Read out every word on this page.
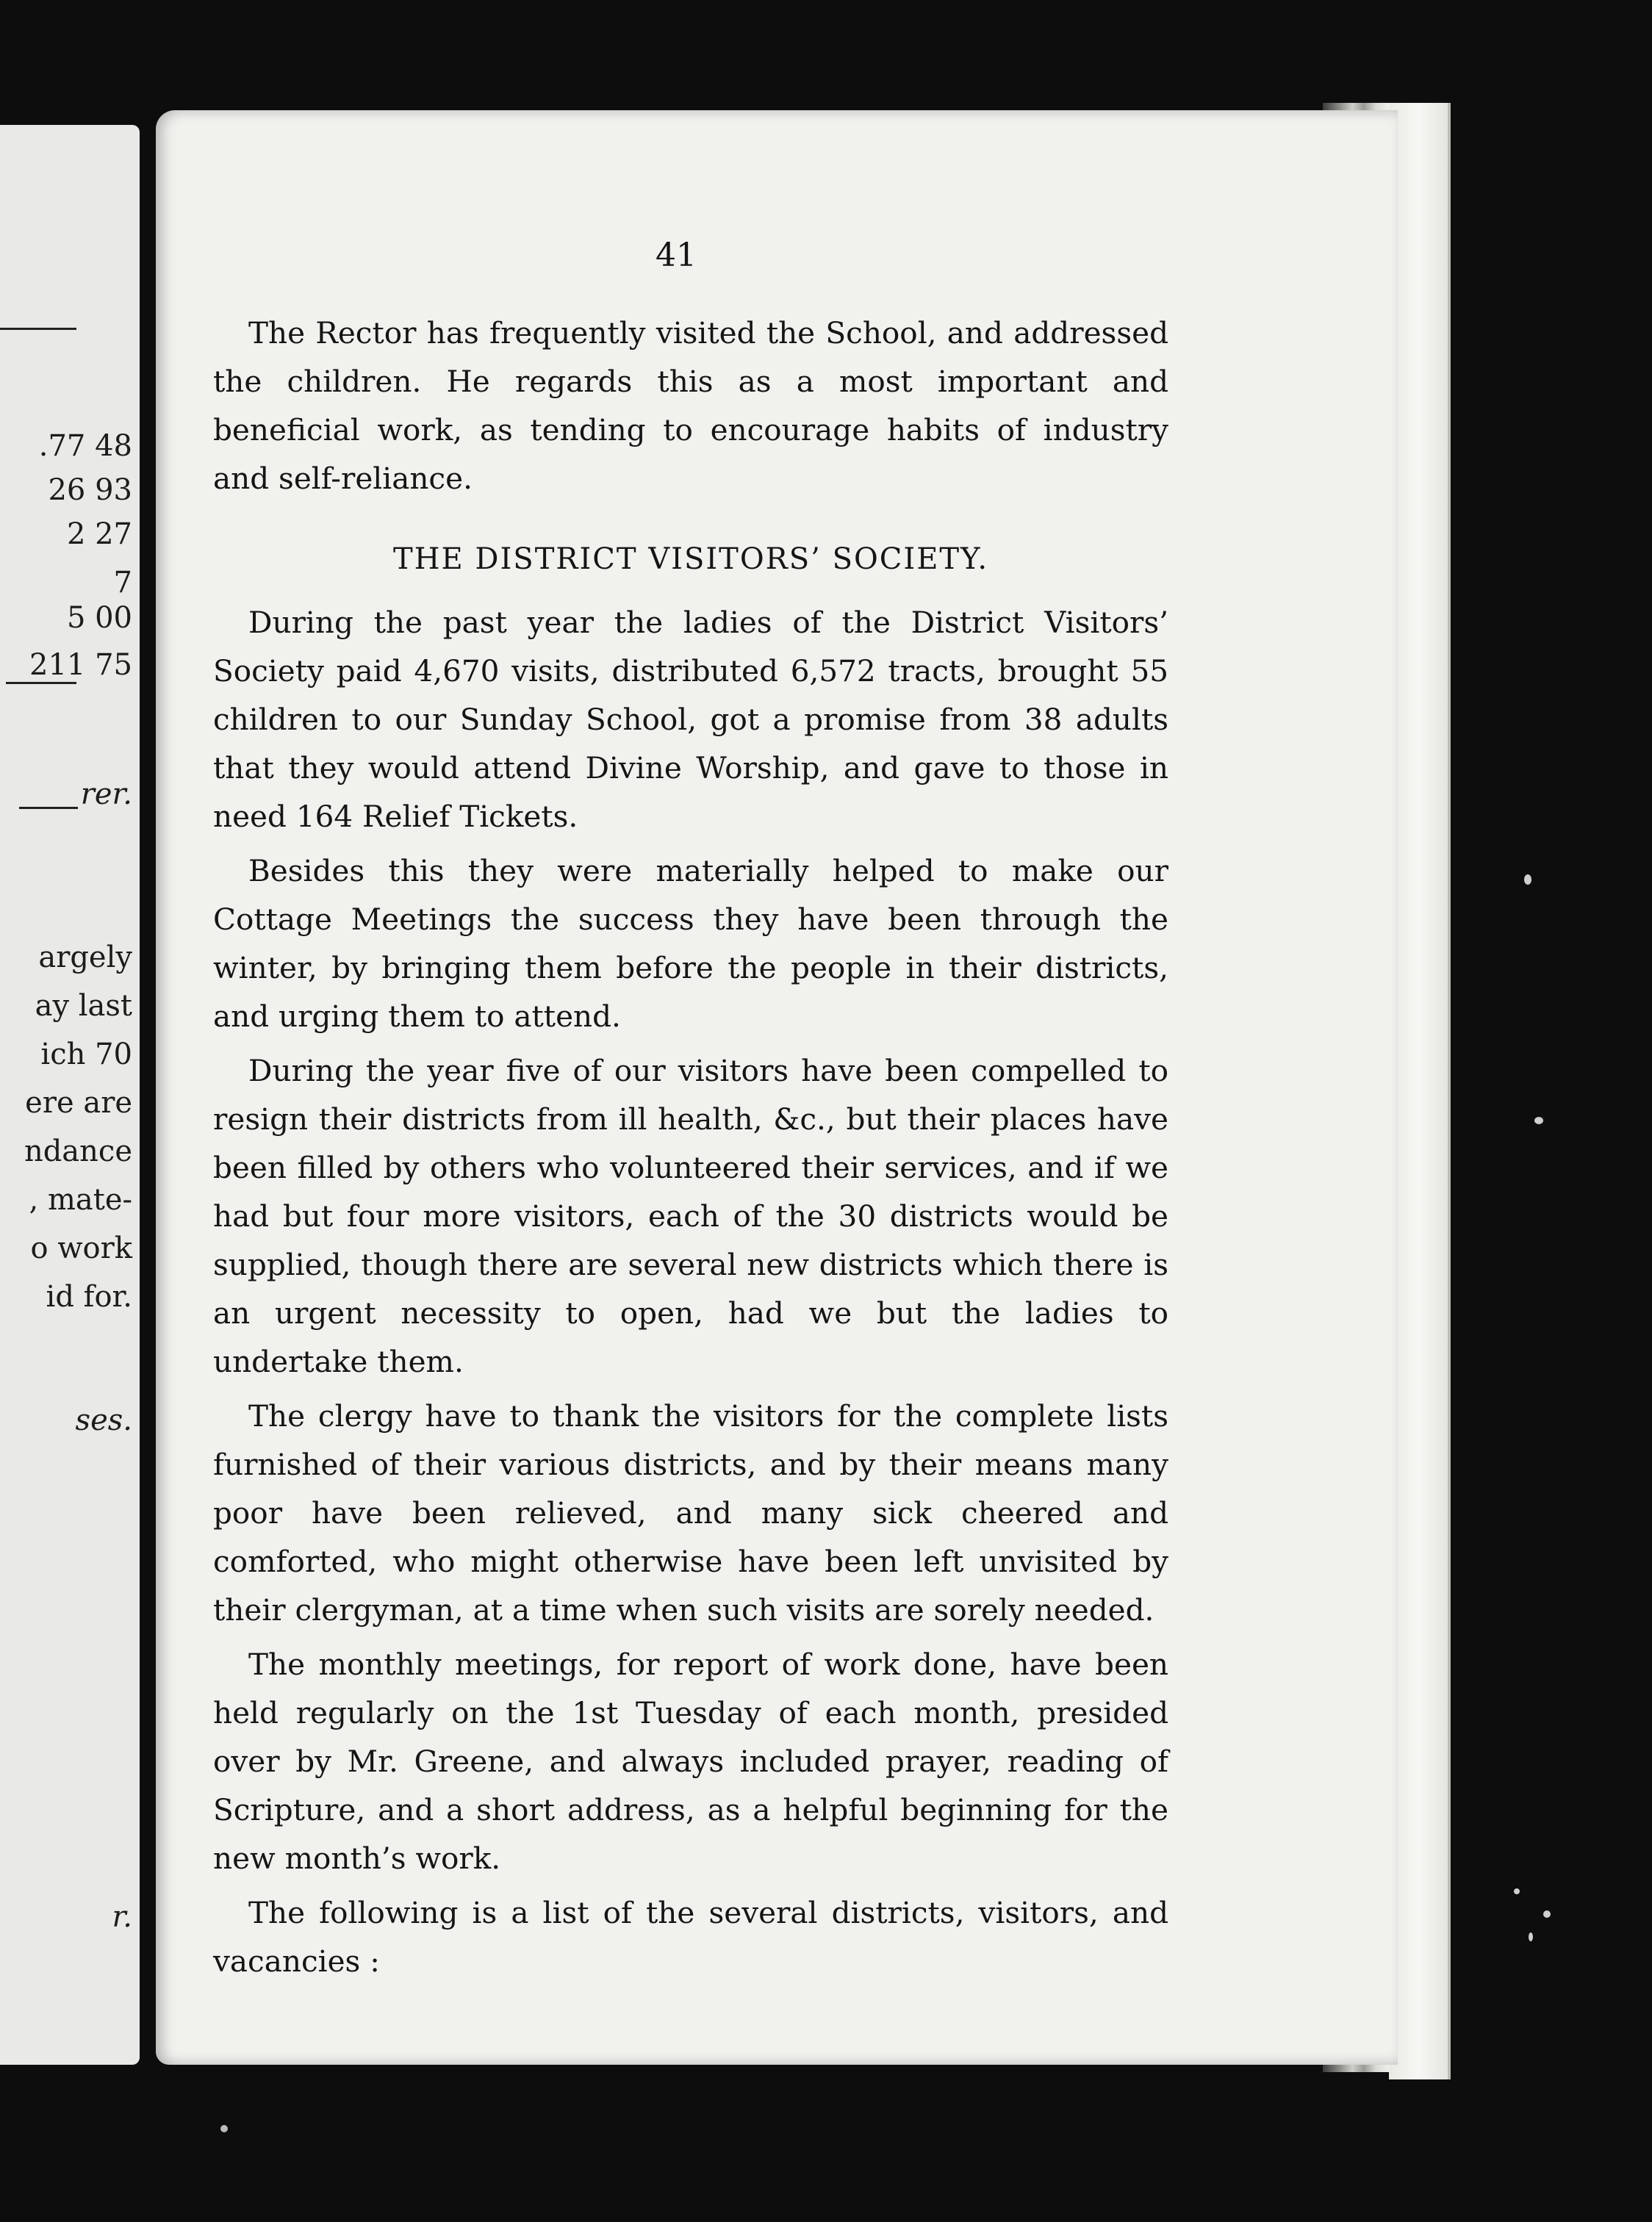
.77 48
26 93
2 27
7
5 00
211 75
rer.
argely
ay last
ich 70
ere are
ndance
, mate-
o work
id for.
ses.
r.
41

The Rector has frequently visited the School, and addressed the children. He regards this as a most important and beneficial work, as tending to encourage habits of industry and self-reliance.

THE DISTRICT VISITORS’ SOCIETY.

During the past year the ladies of the District Visitors’ Society paid 4,670 visits, distributed 6,572 tracts, brought 55 children to our Sunday School, got a promise from 38 adults that they would attend Divine Worship, and gave to those in need 164 Relief Tickets.

Besides this they were materially helped to make our Cottage Meetings the success they have been through the winter, by bringing them before the people in their districts, and urging them to attend.

During the year five of our visitors have been compelled to resign their districts from ill health, &c., but their places have been filled by others who volunteered their services, and if we had but four more visitors, each of the 30 districts would be supplied, though there are several new districts which there is an urgent necessity to open, had we but the ladies to undertake them.

The clergy have to thank the visitors for the complete lists furnished of their various districts, and by their means many poor have been relieved, and many sick cheered and comforted, who might otherwise have been left unvisited by their clergyman, at a time when such visits are sorely needed.

The monthly meetings, for report of work done, have been held regularly on the 1st Tuesday of each month, presided over by Mr. Greene, and always included prayer, reading of Scripture, and a short address, as a helpful beginning for the new month’s work.

The following is a list of the several districts, visitors, and vacancies :
